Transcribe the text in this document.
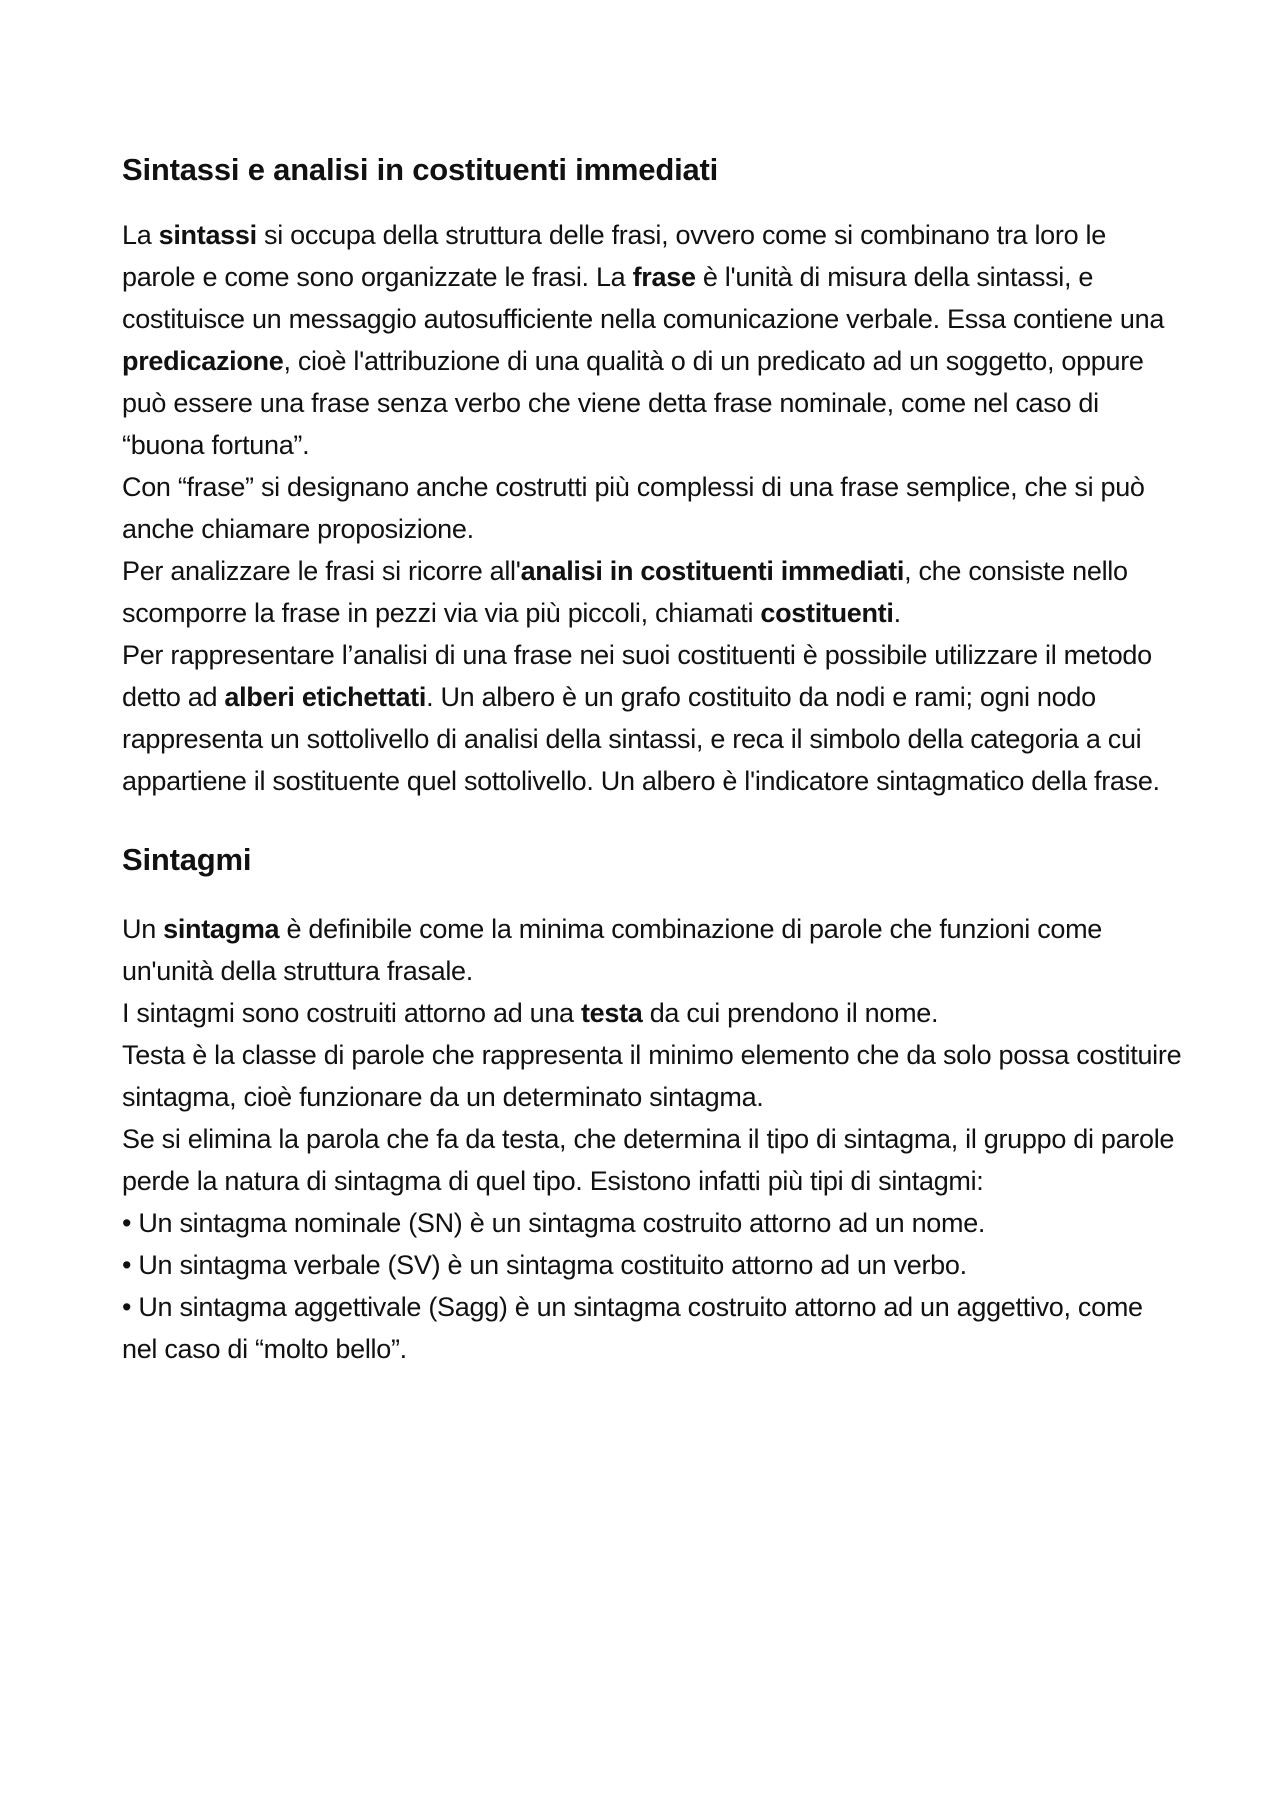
Sintassi e analisi in costituenti immediati

La sintassi si occupa della struttura delle frasi, ovvero come si combinano tra loro le parole e come sono organizzate le frasi. La frase è l'unità di misura della sintassi, e costituisce un messaggio autosufficiente nella comunicazione verbale. Essa contiene una predicazione, cioè l'attribuzione di una qualità o di un predicato ad un soggetto, oppure può essere una frase senza verbo che viene detta frase nominale, come nel caso di “buona fortuna”.

Con “frase” si designano anche costrutti più complessi di una frase semplice, che si può anche chiamare proposizione.

Per analizzare le frasi si ricorre all'analisi in costituenti immediati, che consiste nello scomporre la frase in pezzi via via più piccoli, chiamati costituenti.

Per rappresentare l’analisi di una frase nei suoi costituenti è possibile utilizzare il metodo detto ad alberi etichettati. Un albero è un grafo costituito da nodi e rami; ogni nodo rappresenta un sottolivello di analisi della sintassi, e reca il simbolo della categoria a cui appartiene il sostituente quel sottolivello. Un albero è l'indicatore sintagmatico della frase.

Sintagmi

Un sintagma è definibile come la minima combinazione di parole che funzioni come un'unità della struttura frasale.

I sintagmi sono costruiti attorno ad una testa da cui prendono il nome.

Testa è la classe di parole che rappresenta il minimo elemento che da solo possa costituire sintagma, cioè funzionare da un determinato sintagma.

Se si elimina la parola che fa da testa, che determina il tipo di sintagma, il gruppo di parole perde la natura di sintagma di quel tipo. Esistono infatti più tipi di sintagmi:

• Un sintagma nominale (SN) è un sintagma costruito attorno ad un nome.

• Un sintagma verbale (SV) è un sintagma costituito attorno ad un verbo.

• Un sintagma aggettivale (Sagg) è un sintagma costruito attorno ad un aggettivo, come nel caso di “molto bello”.
